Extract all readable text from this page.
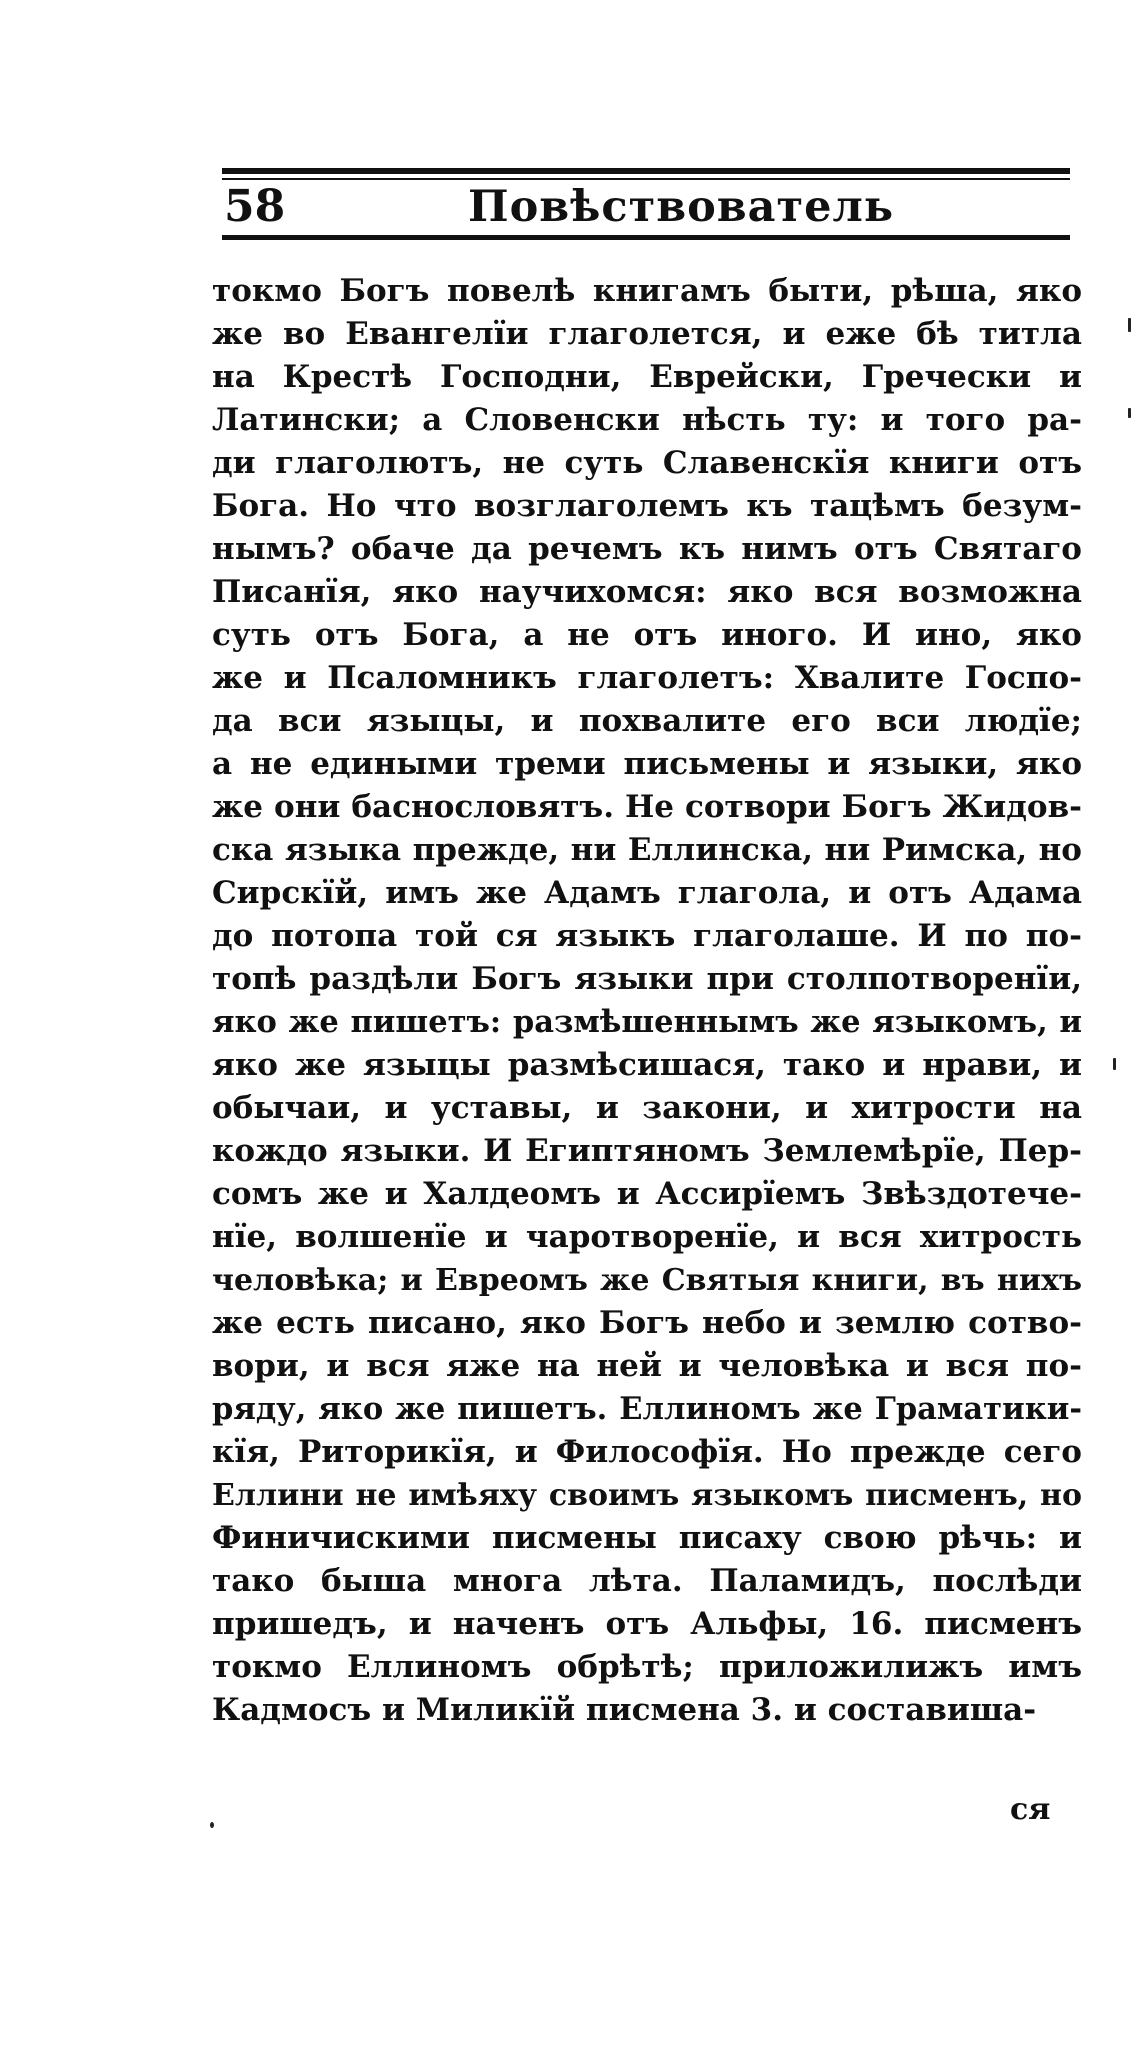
58	Повѣствователь
токмо Богъ повелѣ книгамъ быти, рѣша, яко
же во Евангелїи глаголется, и еже бѣ титла
на Крестѣ Господни, Еврейски, Гречески и
Латински; а Словенски нѣсть ту: и того ра-
ди глаголютъ, не суть Славенскїя книги отъ
Бога. Но что возглаголемъ къ тацѣмъ безум-
нымъ? обаче да речемъ къ нимъ отъ Святаго
Писанїя, яко научихомся: яко вся возможна
суть отъ Бога, а не отъ иного. И ино, яко
же и Псаломникъ глаголетъ: Хвалите Госпо-
да вси языцы, и похвалите его вси людїе;
а не едиными треми письмены и языки, яко
же они баснословятъ. Не сотвори Богъ Жидов-
ска языка прежде, ни Еллинска, ни Римска, но
Сирскїй, имъ же Адамъ глагола, и отъ Адама
до потопа той ся языкъ глаголаше. И по по-
топѣ раздѣли Богъ языки при столпотворенїи,
яко же пишетъ: размѣшеннымъ же языкомъ, и
яко же языцы размѣсишася, тако и нрави, и
обычаи, и уставы, и закони, и хитрости на
кождо языки. И Египтяномъ Землемѣрїе, Пер-
сомъ же и Халдеомъ и Ассирїемъ Звѣздотече-
нїе, волшенїе и чаротворенїе, и вся хитрость
человѣка; и Евреомъ же Святыя книги, въ нихъ
же есть писано, яко Богъ небо и землю сотво-
вори, и вся яже на ней и человѣка и вся по-
ряду, яко же пишетъ. Еллиномъ же Граматики-
кїя, Риторикїя, и Философїя. Но прежде сего
Еллини не имѣяху своимъ языкомъ писменъ, но
Финичискими писмены писаху свою рѣчь: и
тако быша многа лѣта. Паламидъ, послѣди
пришедъ, и наченъ отъ Альфы, 16. писменъ
токмо Еллиномъ обрѣтѣ; приложилижъ имъ
Кадмосъ и Миликїй писмена 3. и составиша-
ся
